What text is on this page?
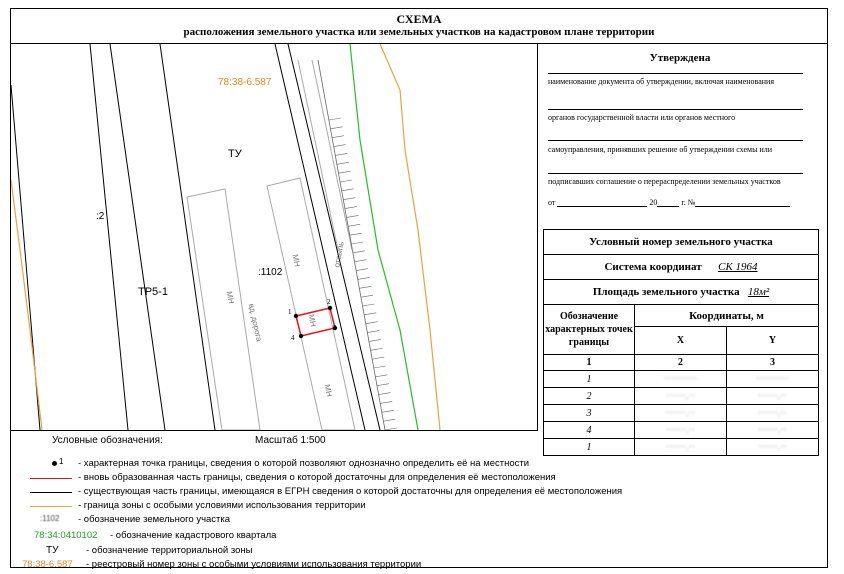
СХЕМА
расположения земельного участка или земельных участков на кадастровом плане территории
78:38-6.587
ТУ
:2
ТР5-1
:1102
МН
МН
МН
МН
вд. дорога
отсыпь
1
2
3
4
Утверждена
наименование документа об утверждении, включая наименования
органов государственной власти или органов местного
самоуправления, принявших решение об утверждении схемы или
подписавших соглашение о перераспределении земельных участков
от	20	г. №
Условный номер земельного участка		
Система координат СК 1964		
Площадь земельного участка 18м²		
Обозначение характерных точек границы	Координаты, м	
	X	Y
1	2	3
1	··········	··········
2	······.··	······.··
3	······.··	······.··
4	······.··	······.··
1	······.··	······.··
Условные обозначения:	Масштаб 1:500
1 - характерная точка границы, сведения о которой позволяют однозначно определить её на местности
- вновь образованная часть границы, сведения о которой достаточны для определения её местоположения
- существующая часть границы, имеющаяся в ЕГРН сведения о которой достаточны для определения её местоположения
- граница зоны с особыми условиями использования территории
:1102 - обозначение земельного участка
78:34:0410102 - обозначение кадастрового квартала
ТУ	- обозначение территориальной зоны
78:38-6.587 - реестровый номер зоны с особыми условиями использования территории
